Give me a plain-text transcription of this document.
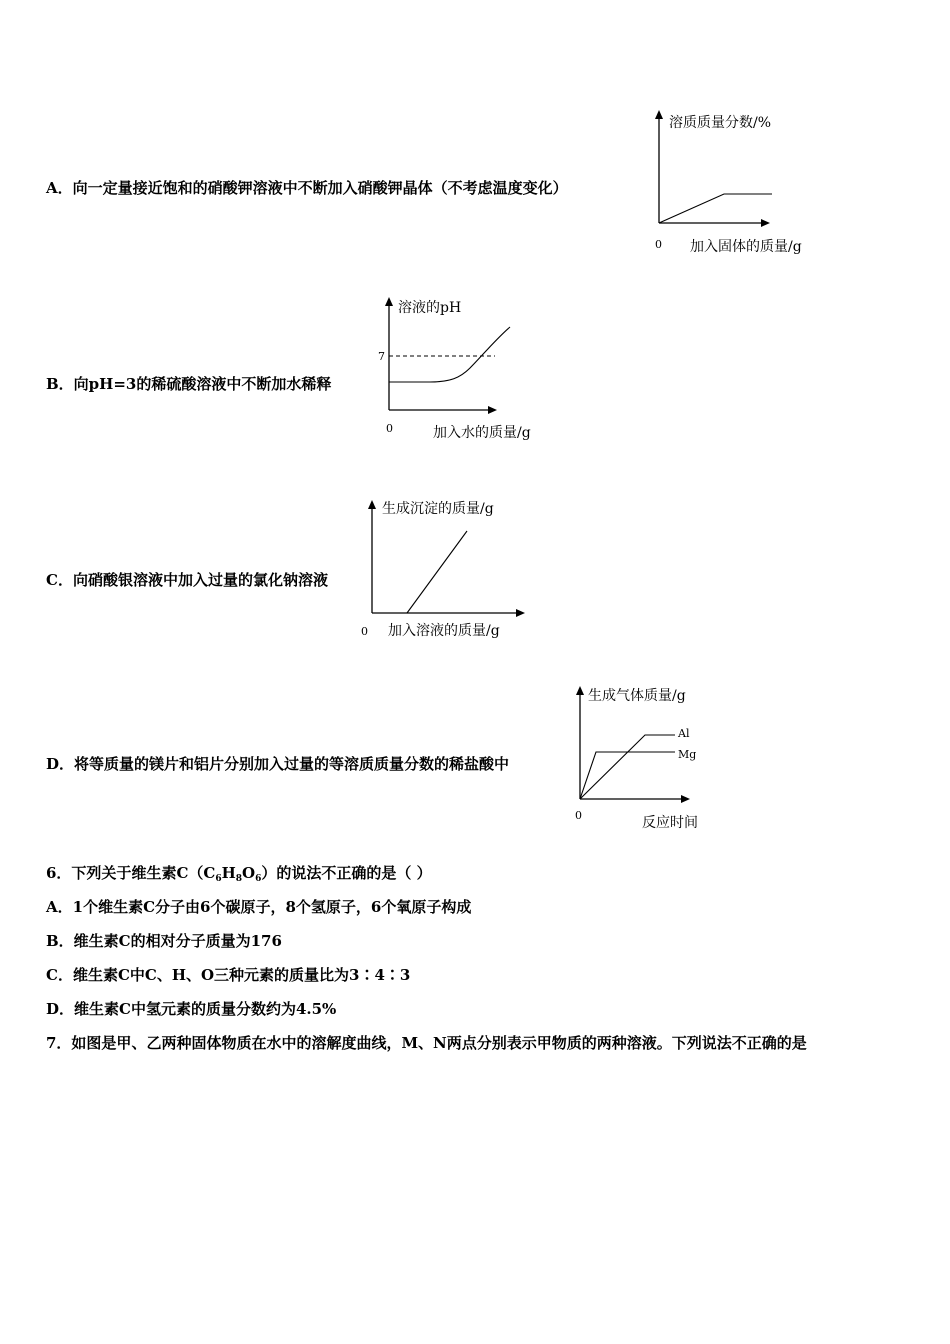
A．向一定量接近饱和的硝酸钾溶液中不断加入硝酸钾晶体（不考虑温度变化）
溶质质量分数/%
加入固体的质量/g
0
B．向pH=3的稀硫酸溶液中不断加水稀释
溶液的pH
7
加入水的质量/g
0
C．向硝酸银溶液中加入过量的氯化钠溶液
生成沉淀的质量/g
加入溶液的质量/g
0
D．将等质量的镁片和铝片分别加入过量的等溶质质量分数的稀盐酸中
生成气体质量/g
Al
Mg
反应时间
0
6．下列关于维生素$C(C_6H_8O_6)$的说法不正确的是（ ）
A．1个维生素C分子由6个碳原子，8个氢原子，6个氧原子构成
B．维生素C的相对分子质量为176
C．维生素C中C、H、O三种元素的质量比为3∶4∶3
D．维生素C中氢元素的质量分数约为4.5%
7．如图是甲、乙两种固体物质在水中的溶解度曲线，M、N两点分别表示甲物质的两种溶液。下列说法不正确的是
